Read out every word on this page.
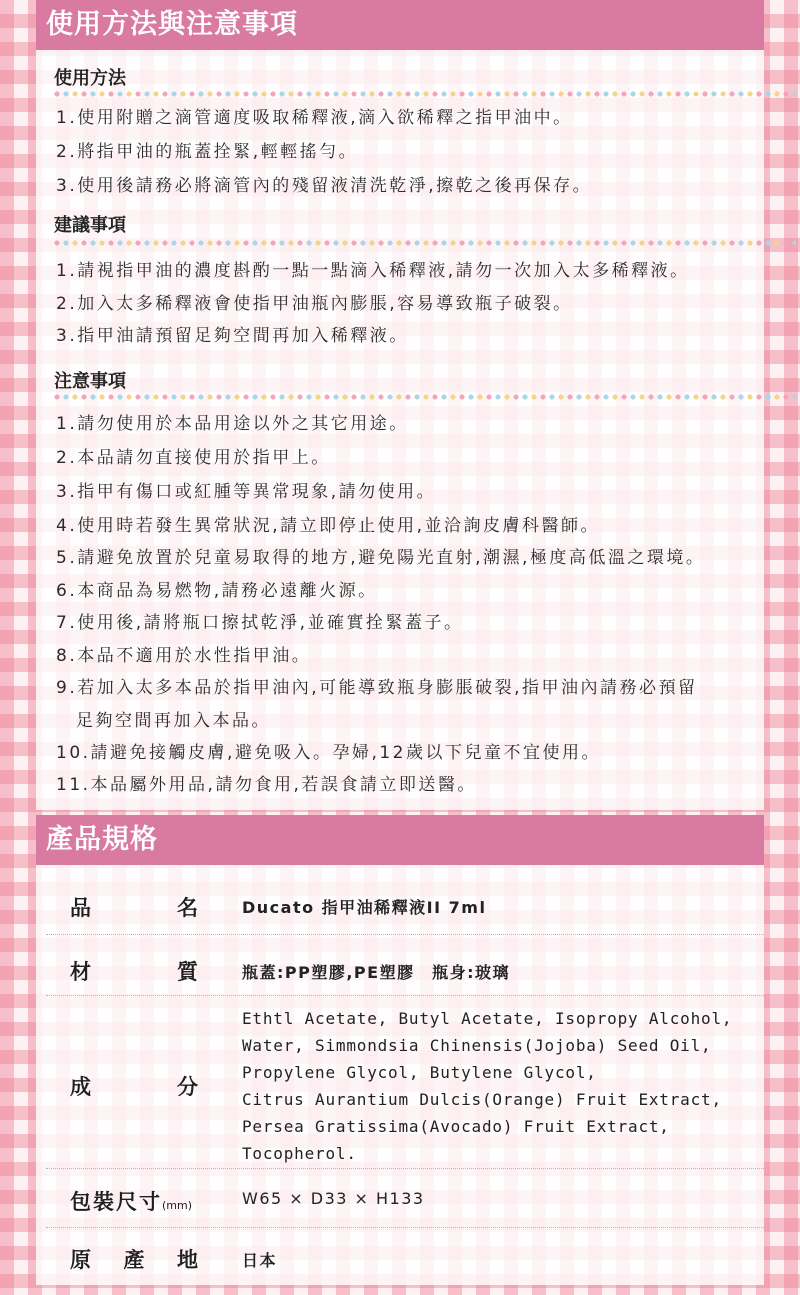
使用方法與注意事項
使用方法
1.使用附贈之滴管適度吸取稀釋液,滴入欲稀釋之指甲油中。
2.將指甲油的瓶蓋拴緊,輕輕搖勻。
3.使用後請務必將滴管內的殘留液清洗乾淨,擦乾之後再保存。
建議事項
1.請視指甲油的濃度斟酌一點一點滴入稀釋液,請勿一次加入太多稀釋液。
2.加入太多稀釋液會使指甲油瓶內膨脹,容易導致瓶子破裂。
3.指甲油請預留足夠空間再加入稀釋液。
注意事項
1.請勿使用於本品用途以外之其它用途。
2.本品請勿直接使用於指甲上。
3.指甲有傷口或紅腫等異常現象,請勿使用。
4.使用時若發生異常狀況,請立即停止使用,並洽詢皮膚科醫師。
5.請避免放置於兒童易取得的地方,避免陽光直射,潮濕,極度高低溫之環境。
6.本商品為易燃物,請務必遠離火源。
7.使用後,請將瓶口擦拭乾淨,並確實拴緊蓋子。
8.本品不適用於水性指甲油。
9.若加入太多本品於指甲油內,可能導致瓶身膨脹破裂,指甲油內請務必預留
足夠空間再加入本品。
10.請避免接觸皮膚,避免吸入。孕婦,12歲以下兒童不宜使用。
11.本品屬外用品,請勿食用,若誤食請立即送醫。
產品規格
品	名	Ducato 指甲油稀釋液II 7ml
材	質	瓶蓋:PP塑膠,PE塑膠　瓶身:玻璃
成	分
Ethtl Acetate, Butyl Acetate, Isopropy Alcohol,
Water, Simmondsia Chinensis(Jojoba) Seed Oil,
Propylene Glycol, Butylene Glycol,
Citrus Aurantium Dulcis(Orange) Fruit Extract,
Persea Gratissima(Avocado) Fruit Extract,
Tocopherol.
包裝尺寸(mm)	W65 × D33 × H133
原 產 地	日本
